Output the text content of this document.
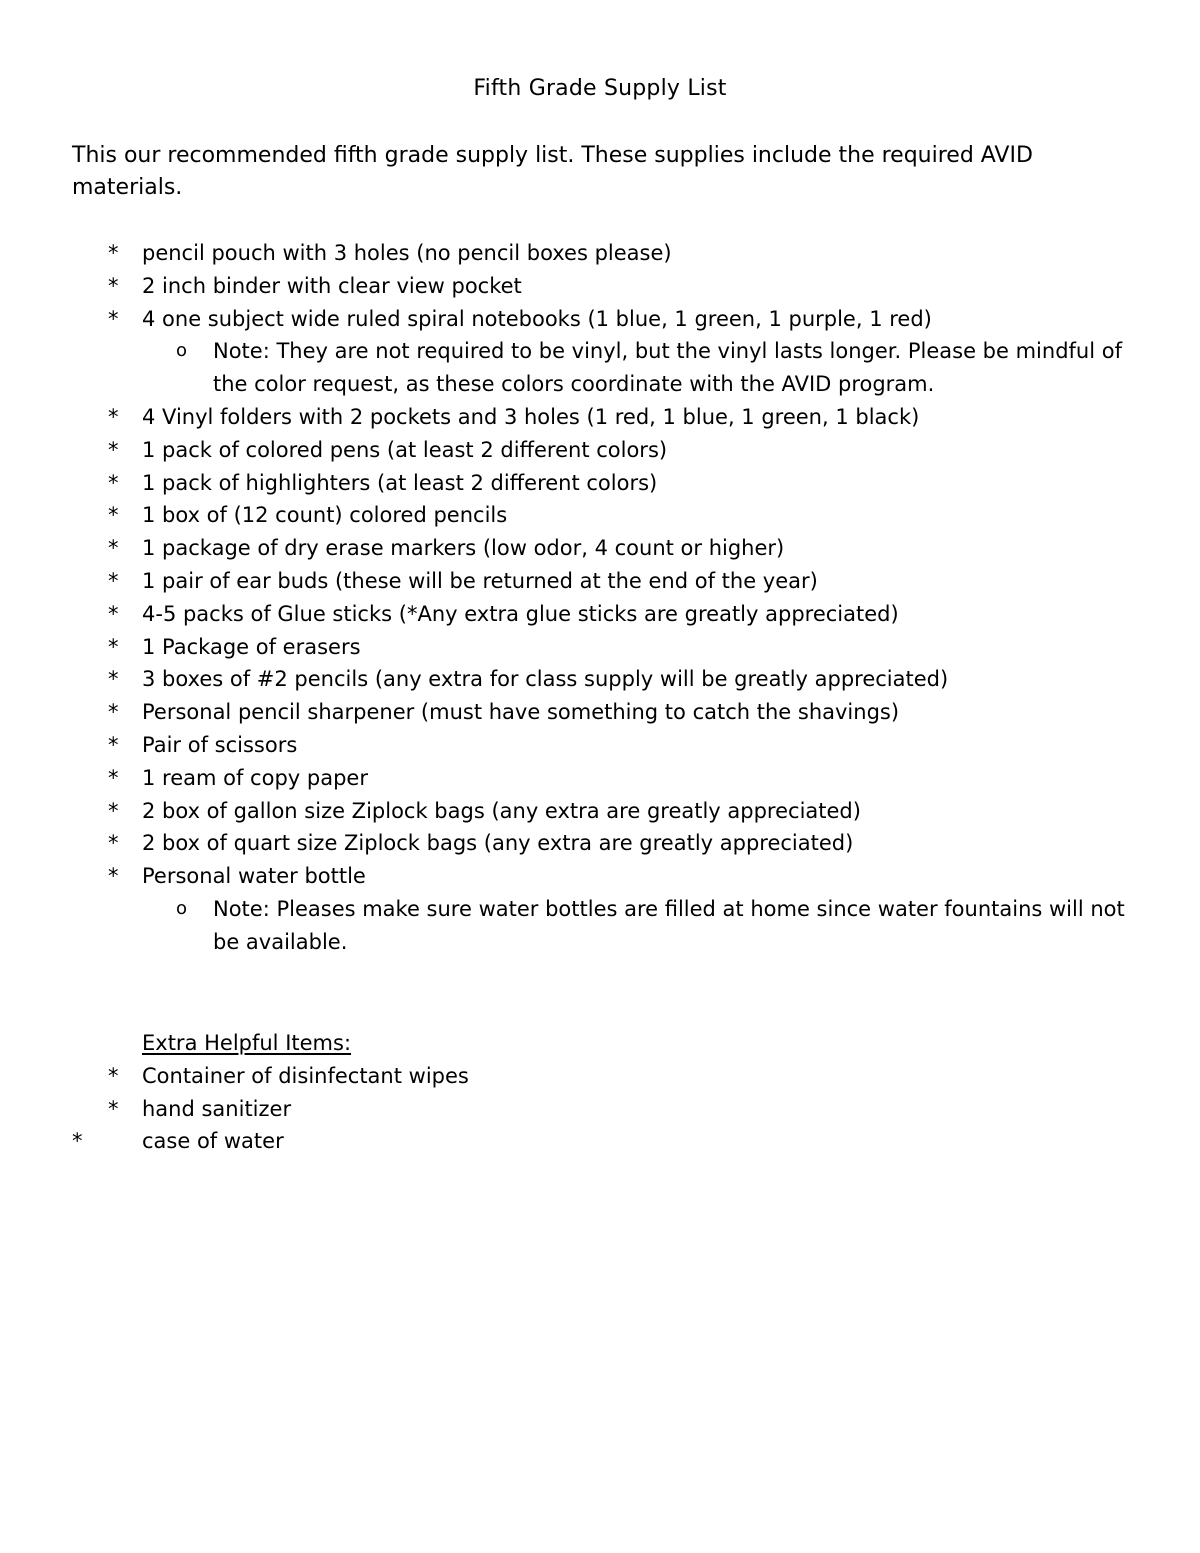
Fifth Grade Supply List

This our recommended fifth grade supply list. These supplies include the required AVID materials.

* pencil pouch with 3 holes (no pencil boxes please)
* 2 inch binder with clear view pocket
* 4 one subject wide ruled spiral notebooks (1 blue, 1 green, 1 purple, 1 red)
o Note: They are not required to be vinyl, but the vinyl lasts longer. Please be mindful of the color request, as these colors coordinate with the AVID program.
* 4 Vinyl folders with 2 pockets and 3 holes (1 red, 1 blue, 1 green, 1 black)
* 1 pack of colored pens (at least 2 different colors)
* 1 pack of highlighters (at least 2 different colors)
* 1 box of (12 count) colored pencils
* 1 package of dry erase markers (low odor, 4 count or higher)
* 1 pair of ear buds (these will be returned at the end of the year)
* 4-5 packs of Glue sticks (*Any extra glue sticks are greatly appreciated)
* 1 Package of erasers
* 3 boxes of #2 pencils (any extra for class supply will be greatly appreciated)
* Personal pencil sharpener (must have something to catch the shavings)
* Pair of scissors
* 1 ream of copy paper
* 2 box of gallon size Ziplock bags (any extra are greatly appreciated)
* 2 box of quart size Ziplock bags (any extra are greatly appreciated)
* Personal water bottle
o Note: Pleases make sure water bottles are filled at home since water fountains will not be available.
Extra Helpful Items:
* Container of disinfectant wipes
* hand sanitizer
*	case of water
